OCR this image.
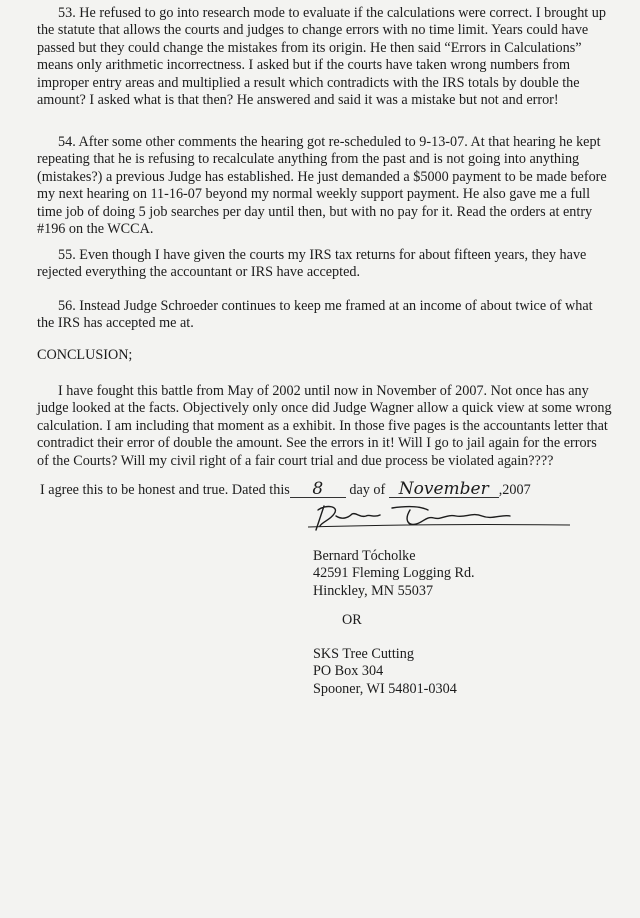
53. He refused to go into research mode to evaluate if the calculations were correct. I brought up
the statute that allows the courts and judges to change errors with no time limit. Years could have
passed but they could change the mistakes from its origin. He then said “Errors in Calculations”
means only arithmetic incorrectness. I asked but if the courts have taken wrong numbers from
improper entry areas and multiplied a result which contradicts with the IRS totals by double the
amount? I asked what is that then? He answered and said it was a mistake but not and error!

54. After some other comments the hearing got re-scheduled to 9-13-07. At that hearing he kept
repeating that he is refusing to recalculate anything from the past and is not going into anything
(mistakes?) a previous Judge has established. He just demanded a $5000 payment to be made before
my next hearing on 11-16-07 beyond my normal weekly support payment. He also gave me a full
time job of doing 5 job searches per day until then, but with no pay for it. Read the orders at entry
#196 on the WCCA.

55. Even though I have given the courts my IRS tax returns for about fifteen years, they have
rejected everything the accountant or IRS have accepted.

56. Instead Judge Schroeder continues to keep me framed at an income of about twice of what
the IRS has accepted me at.

CONCLUSION;

I have fought this battle from May of 2002 until now in November of 2007. Not once has any
judge looked at the facts. Objectively only once did Judge Wagner allow a quick view at some wrong
calculation. I am including that moment as a exhibit. In those five pages is the accountants letter that
contradict their error of double the amount. See the errors in it! Will I go to jail again for the errors
of the Courts? Will my civil right of a fair court trial and due process be violated again????

I agree this to be honest and true. Dated this 8 day of November ,2007
Bernard Tócholke
42591 Fleming Logging Rd.
Hinckley, MN 55037
OR
SKS Tree Cutting
PO Box 304
Spooner, WI 54801-0304
